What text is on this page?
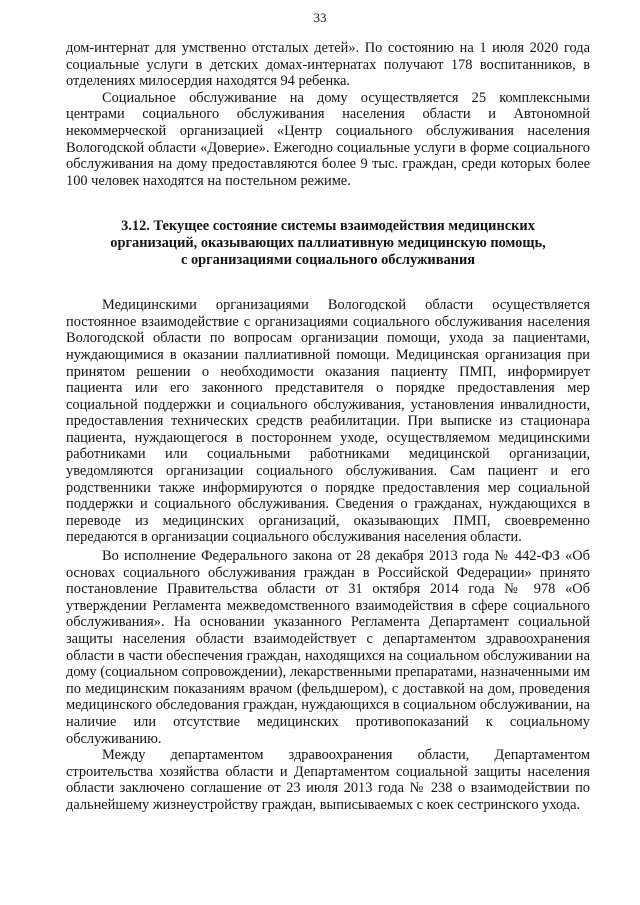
33

дом-интернат для умственно отсталых детей». По состоянию на 1 июля 2020 года социальные услуги в детских домах-интернатах получают 178 воспитанников, в отделениях милосердия находятся 94 ребенка.

Социальное обслуживание на дому осуществляется 25 комплексными центрами социального обслуживания населения области и Автономной некоммерческой организацией «Центр социального обслуживания населения Вологодской области «Доверие». Ежегодно социальные услуги в форме социального обслуживания на дому предоставляются более 9 тыс. граждан, среди которых более 100 человек находятся на постельном режиме.

3.12. Текущее состояние системы взаимодействия медицинских
организаций, оказывающих паллиативную медицинскую помощь,
с организациями социального обслуживания

Медицинскими организациями Вологодской области осуществляется постоянное взаимодействие с организациями социального обслуживания населения Вологодской области по вопросам организации помощи, ухода за пациентами, нуждающимися в оказании паллиативной помощи. Медицинская организация при принятом решении о необходимости оказания пациенту ПМП, информирует пациента или его законного представителя о порядке предоставления мер социальной поддержки и социального обслуживания, установления инвалидности, предоставления технических средств реабилитации. При выписке из стационара пациента, нуждающегося в постороннем уходе, осуществляемом медицинскими работниками или социальными работниками медицинской организации, уведомляются организации социального обслуживания. Сам пациент и его родственники также информируются о порядке предоставления мер социальной поддержки и социального обслуживания. Сведения о гражданах, нуждающихся в переводе из медицинских организаций, оказывающих ПМП, своевременно передаются в организации социального обслуживания населения области.

Во исполнение Федерального закона от 28 декабря 2013 года № 442-ФЗ «Об основах социального обслуживания граждан в Российской Федерации» принято постановление Правительства области от 31 октября 2014 года № 978 «Об утверждении Регламента межведомственного взаимодействия в сфере социального обслуживания». На основании указанного Регламента Департамент социальной защиты населения области взаимодействует с департаментом здравоохранения области в части обеспечения граждан, находящихся на социальном обслуживании на дому (социальном сопровождении), лекарственными препаратами, назначенными им по медицинским показаниям врачом (фельдшером), с доставкой на дом, проведения медицинского обследования граждан, нуждающихся в социальном обслуживании, на наличие или отсутствие медицинских противопоказаний к социальному обслуживанию.

Между департаментом здравоохранения области, Департаментом строительства хозяйства области и Департаментом социальной защиты населения области заключено соглашение от 23 июля 2013 года № 238 о взаимодействии по дальнейшему жизнеустройству граждан, выписываемых с коек сестринского ухода.
